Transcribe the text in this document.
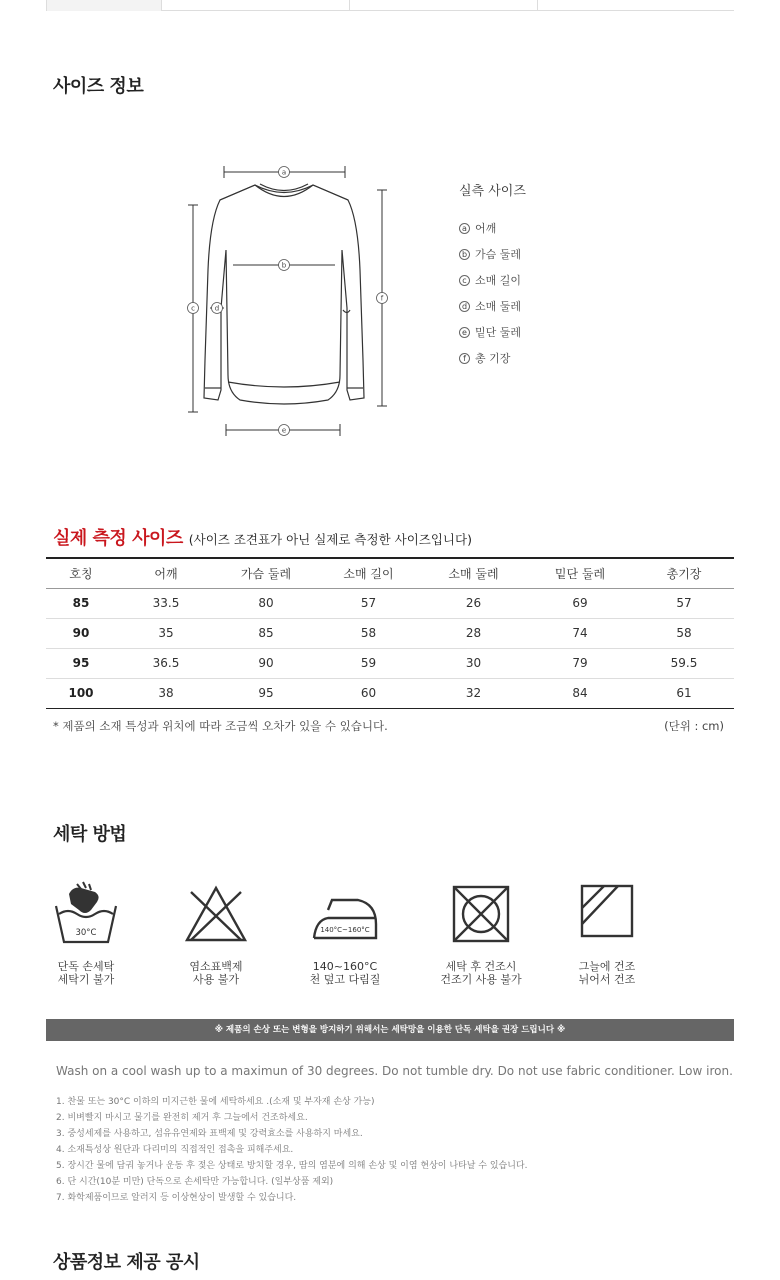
사이즈 정보
a
b
c	d
e
f
실측 사이즈
a 어깨
b 가슴 둘레
c 소매 길이
d 소매 둘레
e 밑단 둘레
f 총 기장
실제 측정 사이즈 (사이즈 조견표가 아닌 실제로 측정한 사이즈입니다)
호칭	어깨	가슴 둘레	소매 길이	소매 둘레	밑단 둘레	총기장
85	33.5	80	57	26	69	57
90	35	85	58	28	74	58
95	36.5	90	59	30	79	59.5
100	38	95	60	32	84	61
* 제품의 소재 특성과 위치에 따라 조금씩 오차가 있을 수 있습니다.	(단위 : cm)
세탁 방법
30°C
단독 손세탁
세탁기 불가
염소표백제
사용 불가
140°C~160°C
140~160°C
천 덮고 다림질
세탁 후 건조시
건조기 사용 불가
그늘에 건조
뉘어서 건조
※ 제품의 손상 또는 변형을 방지하기 위해서는 세탁망을 이용한 단독 세탁을 권장 드립니다 ※
Wash on a cool wash up to a maximun of 30 degrees. Do not tumble dry. Do not use fabric conditioner. Low iron.
1. 찬물 또는 30°C 이하의 미지근한 물에 세탁하세요 .(소재 및 부자재 손상 가능)
2. 비벼빨지 마시고 물기를 완전히 제거 후 그늘에서 건조하세요.
3. 중성세제를 사용하고, 섬유유연제와 표백제 및 강력효소를 사용하지 마세요.
4. 소재특성상 원단과 다리미의 직접적인 접촉을 피해주세요.
5. 장시간 물에 담궈 놓거나 운동 후 젖은 상태로 방치할 경우, 땀의 염분에 의해 손상 및 이염 현상이 나타날 수 있습니다.
6. 단 시간(10분 미만) 단독으로 손세탁만 가능합니다. (일부상품 제외)
7. 화학제품이므로 알러지 등 이상현상이 발생할 수 있습니다.
상품정보 제공 공시
